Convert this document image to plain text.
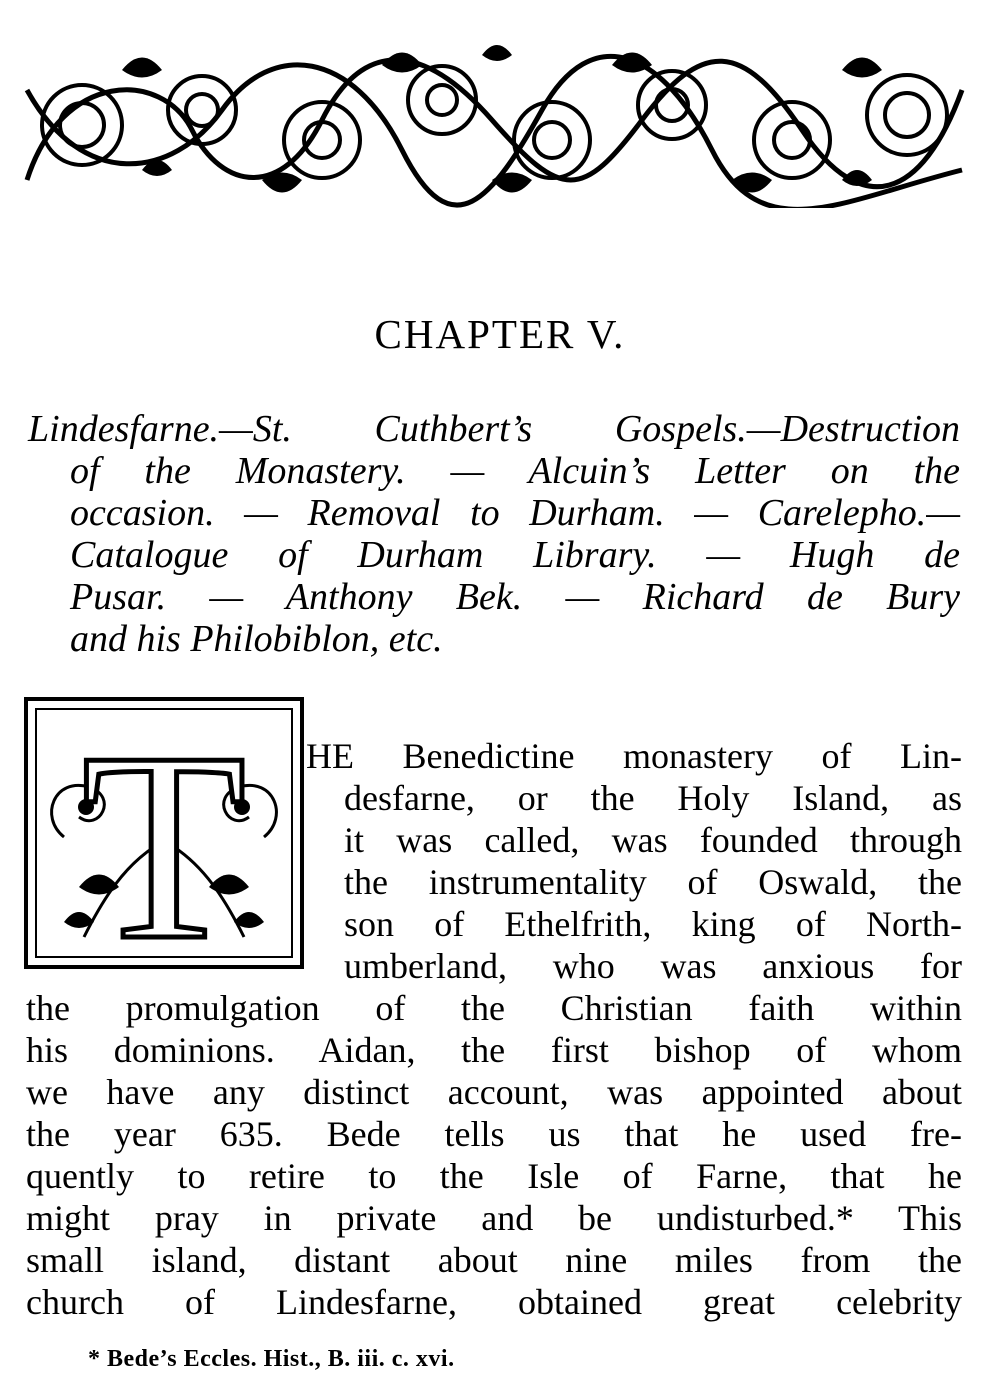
CHAPTER V.
Lindesfarne.—St. Cuthbert’s Gospels.—Destruction
of the Monastery. — Alcuin’s Letter on the
occasion. — Removal to Durham. — Carelepho.—
Catalogue of Durham Library. — Hugh de
Pusar. — Anthony Bek. — Richard de Bury
and his Philobiblon, etc.
T HE Benedictine monastery of Lin-
desfarne, or the Holy Island, as
it was called, was founded through
the instrumentality of Oswald, the
son of Ethelfrith, king of North-
umberland, who was anxious for
the promulgation of the Christian faith within
his dominions. Aidan, the first bishop of whom
we have any distinct account, was appointed about
the year 635. Bede tells us that he used fre-
quently to retire to the Isle of Farne, that he
might pray in private and be undisturbed.* This
small island, distant about nine miles from the
church of Lindesfarne, obtained great celebrity
* Bede’s Eccles. Hist., B. iii. c. xvi.
